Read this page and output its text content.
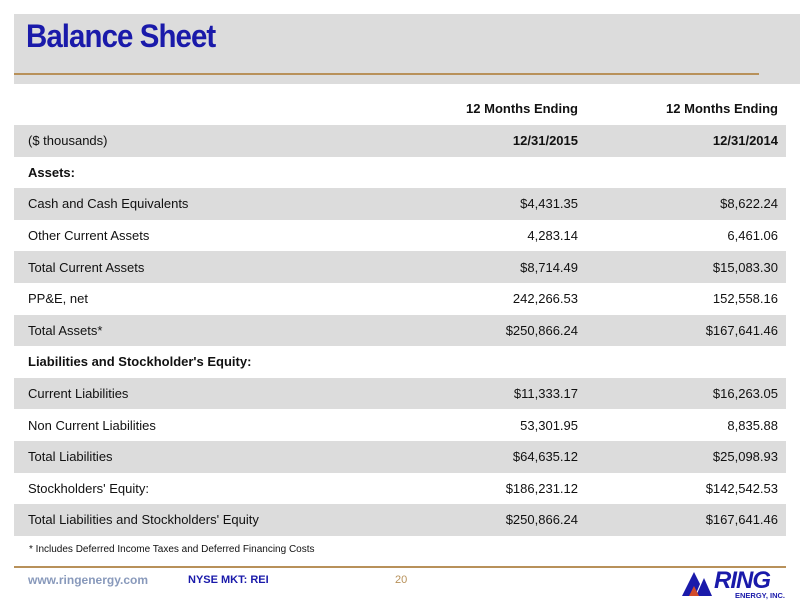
Balance Sheet
	12 Months Ending	12 Months Ending
($ thousands)	12/31/2015	12/31/2014
Assets:		
Cash and Cash Equivalents	$4,431.35	$8,622.24
Other Current Assets	4,283.14	6,461.06
Total Current Assets	$8,714.49	$15,083.30
PP&E, net	242,266.53	152,558.16
Total Assets*	$250,866.24	$167,641.46
Liabilities and Stockholder's Equity:		
Current Liabilities	$11,333.17	$16,263.05
Non Current Liabilities	53,301.95	8,835.88
Total Liabilities	$64,635.12	$25,098.93
Stockholders' Equity:	$186,231.12	$142,542.53
Total Liabilities and Stockholders' Equity	$250,866.24	$167,641.46
* Includes Deferred Income Taxes and Deferred Financing Costs
www.ringenergy.com	NYSE MKT: REI	20	RING
ENERGY, INC.
